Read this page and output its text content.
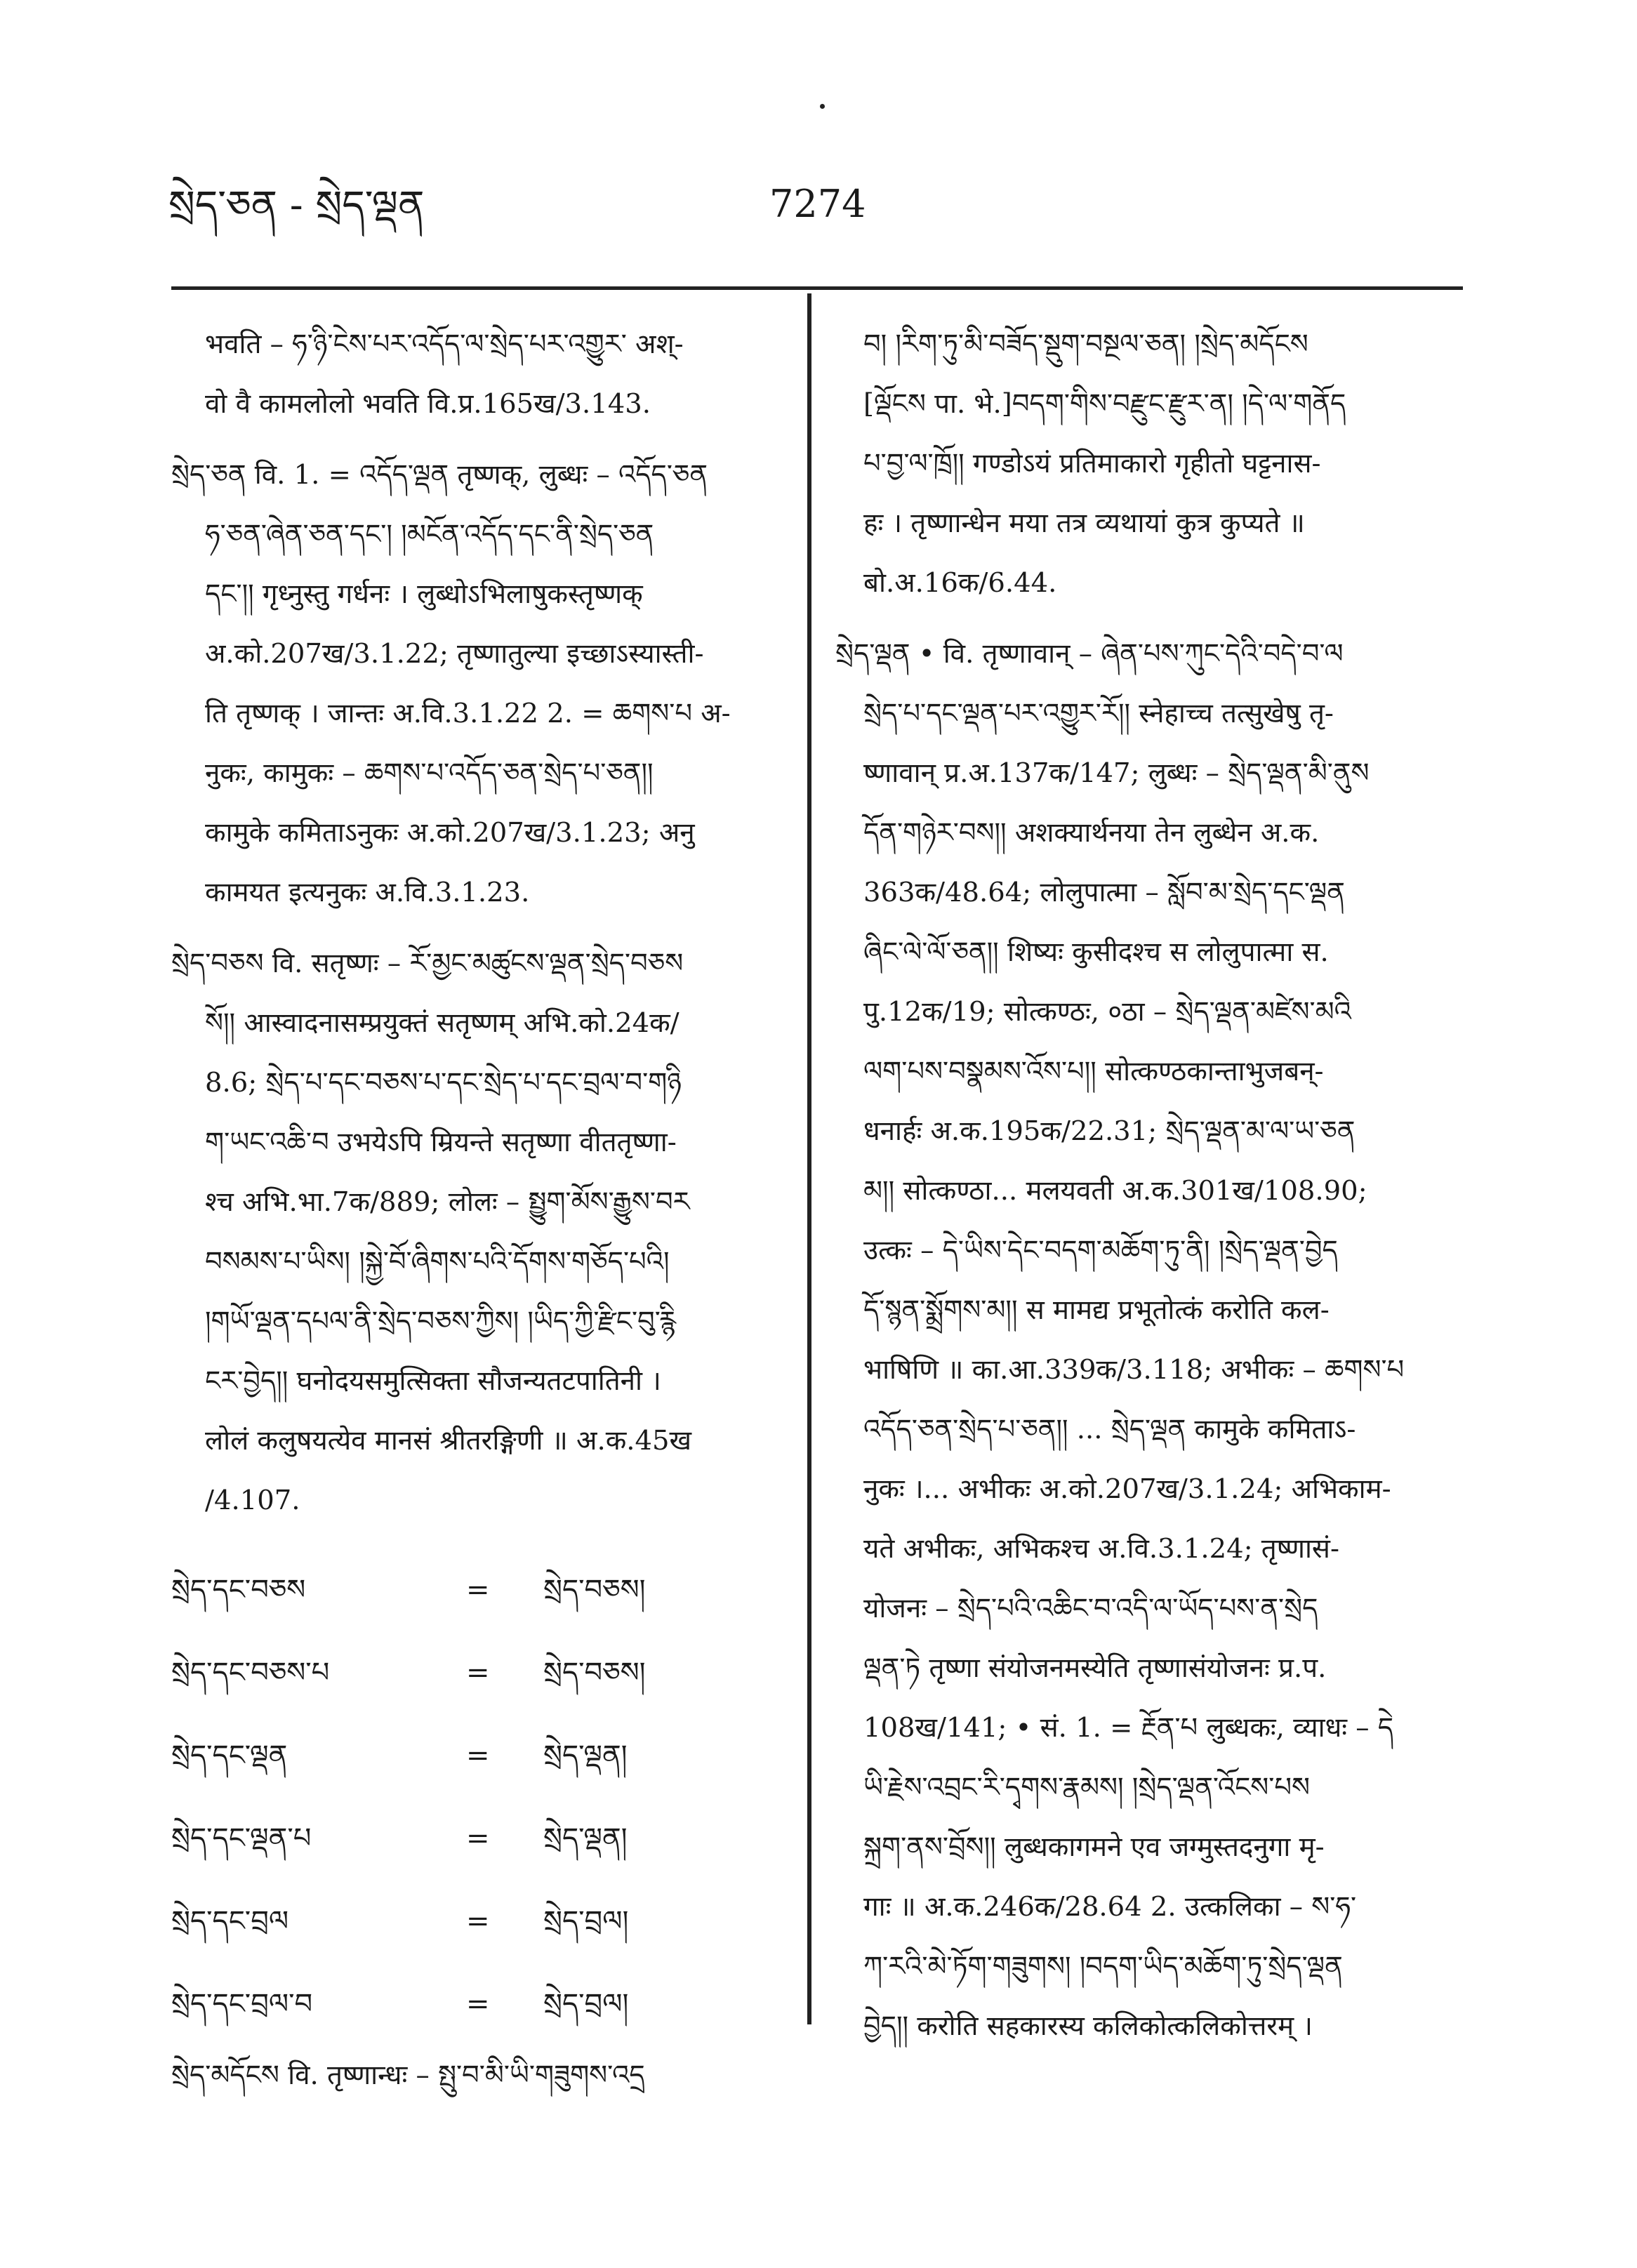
སྲེད་ཅན - སྲེད་ལྡན	7274
भवति – ཧ་ཉི་ངེས་པར་འདོད་ལ་སྲེད་པར་འགྱུར་ अश्-
वो वै कामलोलो भवति वि.प्र.165ख/3.143.
སྲེད་ཅན वि. 1. = འདོད་ལྡན तृष्णक्, लुब्धः – འདོད་ཅན
ཧ་ཅན་ཞེན་ཅན་དང་། །མངོན་འདོད་དང་ནི་སྲེད་ཅན
དང་།། गृध्नुस्तु गर्धनः । लुब्धोऽभिलाषुकस्तृष्णक्
अ.को.207ख/3.1.22; तृष्णातुल्या इच्छाऽस्यास्ती-
ति तृष्णक् । जान्तः अ.वि.3.1.22 2. = ཆགས་པ अ-
नुकः, कामुकः – ཆགས་པ་འདོད་ཅན་སྲེད་པ་ཅན།།
कामुके कमिताऽनुकः अ.को.207ख/3.1.23; अनु
कामयत इत्यनुकः अ.वि.3.1.23.
སྲེད་བཅས वि. सतृष्णः – རོ་མྱང་མཚུངས་ལྡན་སྲེད་བཅས
སོ།། आस्वादनासम्प्रयुक्तं सतृष्णम् अभि.को.24क/
8.6; སྲེད་པ་དང་བཅས་པ་དང་སྲེད་པ་དང་བྲལ་བ་གཉི
ག་ཡང་འཆི་བ उभयेऽपि म्रियन्ते सतृष्णा वीततृष्णा-
श्च अभि.भा.7क/889; लोलः – སྤྱུག་མོས་རྒྱུས་བར
བསམས་པ་ཡིས། །སྐྱེ་བོ་ཞིགས་པའི་དོགས་གཅོད་པའི།
།གཡོ་ལྡན་དཔལ་ནི་སྲེད་བཅས་ཀྱིས། །ཡིད་ཀྱི་རྫིང་བུ་རྙི
ངར་བྱེད།། घनोदयसमुत्सिक्ता सौजन्यतटपातिनी ।
लोलं कलुषयत्येव मानसं श्रीतरङ्गिणी ॥ अ.क.45ख
/4.107.
སྲེད་དང་བཅས	=	སྲེད་བཅས།
སྲེད་དང་བཅས་པ	=	སྲེད་བཅས།
སྲེད་དང་ལྡན	=	སྲེད་ལྡན།
སྲེད་དང་ལྡན་པ	=	སྲེད་ལྡན།
སྲེད་དང་བྲལ	=	སྲེད་བྲལ།
སྲེད་དང་བྲལ་བ	=	སྲེད་བྲལ།
སྲེད་མདོངས वि. तृष्णान्धः – སྤུ་བ་མི་ཡི་གཟུགས་འདྲ
བ། །རིག་ཏུ་མི་བཟོད་སྡུག་བསྔལ་ཅན། །སྲེད་མདོངས
[ལྡོངས पा. भे.]བདག་གིས་བརྫུང་རྫུར་ན། །དེ་ལ་གནོད
པ་བྱ་ལ་ཁྲོ།། गण्डोऽयं प्रतिमाकारो गृहीतो घट्टनास-
हः । तृष्णान्धेन मया तत्र व्यथायां कुत्र कुप्यते ॥
बो.अ.16क/6.44.
སྲེད་ལྡན • वि. तृष्णावान् – ཞེན་པས་ཀུང་དེའི་བདེ་བ་ལ
སྲེད་པ་དང་ལྡན་པར་འགྱུར་རོ།། स्नेहाच्च तत्सुखेषु तृ-
ष्णावान् प्र.अ.137क/147; लुब्धः – སྲེད་ལྡན་མི་ནུས
དོན་གཉེར་བས།། अशक्यार्थनया तेन लुब्धेन अ.क.
363क/48.64; लोलुपात्मा – སློབ་མ་སྲེད་དང་ལྡན
ཞིང་ལེ་ལོ་ཅན།། शिष्यः कुसीदश्च स लोलुपात्मा स.
पु.12क/19; सोत्कण्ठः, ०ठा – སྲེད་ལྡན་མཛེས་མའི
ལག་པས་བསྣམས་འོས་པ།། सोत्कण्ठकान्ताभुजबन्-
धनार्हः अ.क.195क/22.31; སྲེད་ལྡན་མ་ལ་ཡ་ཅན
མ།། सोत्कण्ठा... मलयवती अ.क.301ख/108.90;
उत्कः – དེ་ཡིས་དེང་བདག་མཆོག་ཏུ་ནི། །སྲེད་ལྡན་བྱེད
དོ་སྙན་སྨྲོགས་མ།། स मामद्य प्रभूतोत्कं करोति कल-
भाषिणि ॥ का.आ.339क/3.118; अभीकः – ཆགས་པ
འདོད་ཅན་སྲེད་པ་ཅན།། ... སྲེད་ལྡན कामुके कमिताऽ-
नुकः ।... अभीकः अ.को.207ख/3.1.24; अभिकाम-
यते अभीकः, अभिकश्च अ.वि.3.1.24; तृष्णासं-
योजनः – སྲེད་པའི་འཆིང་བ་འདི་ལ་ཡོད་པས་ན་སྲེད
ལྡན་ཏེ तृष्णा संयोजनमस्येति तृष्णासंयोजनः प्र.प.
108ख/141; • सं. 1. = རྔོན་པ लुब्धकः, व्याधः – དེ
ཡི་རྗེས་འབྲང་རི་དྭགས་རྣམས། །སྲེད་ལྡན་འོངས་པས
སྐྲག་ནས་བྲོས།། लुब्धकागमने एव जग्मुस्तदनुगा मृ-
गाः ॥ अ.क.246क/28.64 2. उत्कलिका – ས་ཧ་
ཀ་རའི་མེ་ཏོག་གཟུགས། །བདག་ཡིད་མཆོག་ཏུ་སྲེད་ལྡན
བྱེད།། करोति सहकारस्य कलिकोत्कलिकोत्तरम् ।
